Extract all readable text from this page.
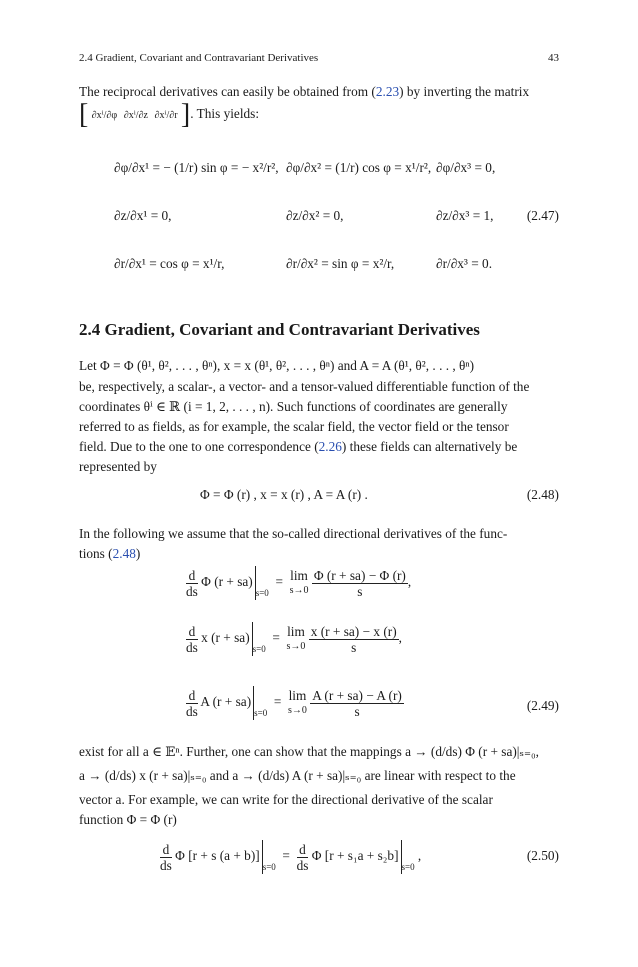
2.4 Gradient, Covariant and Contravariant Derivatives	43
The reciprocal derivatives can easily be obtained from (2.23) by inverting the matrix
[ ∂xⁱ/∂φ ∂xⁱ/∂z ∂xⁱ/∂r ]. This yields:
∂φ/∂x¹ = − (1/r) sin φ = − x²/r², ∂φ/∂x² = (1/r) cos φ = x¹/r², ∂φ/∂x³ = 0,
∂z/∂x¹ = 0,	∂z/∂x² = 0,	∂z/∂x³ = 1,	(2.47)
∂r/∂x¹ = cos φ = x¹/r,	∂r/∂x² = sin φ = x²/r,	∂r/∂x³ = 0.
2.4 Gradient, Covariant and Contravariant Derivatives
Let Φ = Φ (θ¹, θ², . . . , θⁿ), x = x (θ¹, θ², . . . , θⁿ) and A = A (θ¹, θ², . . . , θⁿ)
be, respectively, a scalar-, a vector- and a tensor-valued differentiable function of the
coordinates θⁱ ∈ ℝ (i = 1, 2, . . . , n). Such functions of coordinates are generally
referred to as fields, as for example, the scalar field, the vector field or the tensor
field. Due to the one to one correspondence (2.26) these fields can alternatively be
represented by
Φ = Φ (r) , x = x (r) , A = A (r) .	(2.48)
In the following we assume that the so-called directional derivatives of the func-
tions (2.48)
$\frac{d}{ds}$ Φ $(r + sa)_{s=0} = \lim$
s→0
$\frac{\Phi (r + sa) - \Phi (r)}{s}$ ,
$\frac{d}{ds}$ x $(r + sa)_{s=0} = \lim$
s→0
$\frac{x (r + sa) - x (r)}{s}$ ,
$\frac{d}{ds}$ A $(r + sa)_{s=0} = \lim$
s→0
$\frac{A (r + sa) - A (r)}{s}$	(2.49)
exist for all a ∈ 𝔼ⁿ. Further, one can show that the mappings a → (d/ds) Φ (r + sa)|ₛ₌₀,
a → (d/ds) x (r + sa)|ₛ₌₀ and a → (d/ds) A (r + sa)|ₛ₌₀ are linear with respect to the
vector a. For example, we can write for the directional derivative of the scalar
function Φ = Φ (r)
$\frac{d}{ds}$ Φ [r + s $(a + b)]_{s=0} = \frac{d}{ds}$ Φ $[r + s_1a + s_2b]_{s=0}$ ,	(2.50)
